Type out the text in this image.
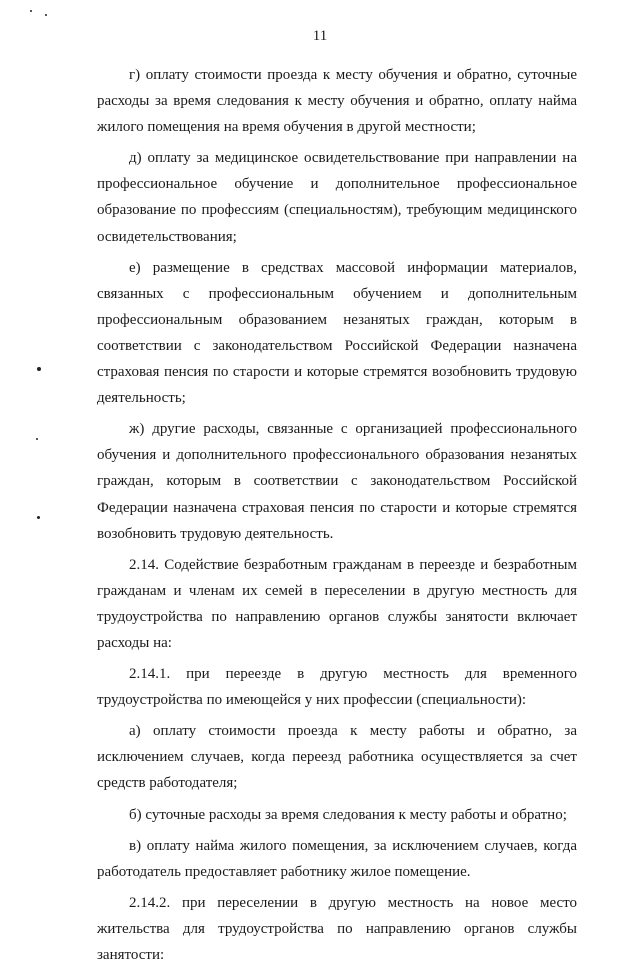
11

г) оплату стоимости проезда к месту обучения и обратно, суточные расходы за время следования к месту обучения и обратно, оплату найма жилого помещения на время обучения в другой местности;

д) оплату за медицинское освидетельствование при направлении на профессиональное обучение и дополнительное профессиональное образование по профессиям (специальностям), требующим медицинского освидетельствования;

е) размещение в средствах массовой информации материалов, связанных с профессиональным обучением и дополнительным профессиональным образованием незанятых граждан, которым в соответствии с законодательством Российской Федерации назначена страховая пенсия по старости и которые стремятся возобновить трудовую деятельность;

ж) другие расходы, связанные с организацией профессионального обучения и дополнительного профессионального образования незанятых граждан, которым в соответствии с законодательством Российской Федерации назначена страховая пенсия по старости и которые стремятся возобновить трудовую деятельность.

2.14. Содействие безработным гражданам в переезде и безработным гражданам и членам их семей в переселении в другую местность для трудоустройства по направлению органов службы занятости включает расходы на:

2.14.1. при переезде в другую местность для временного трудоустройства по имеющейся у них профессии (специальности):

а) оплату стоимости проезда к месту работы и обратно, за исключением случаев, когда переезд работника осуществляется за счет средств работодателя;

б) суточные расходы за время следования к месту работы и обратно;

в) оплату найма жилого помещения, за исключением случаев, когда работодатель предоставляет работнику жилое помещение.

2.14.2. при переселении в другую местность на новое место жительства для трудоустройства по направлению органов службы занятости:
